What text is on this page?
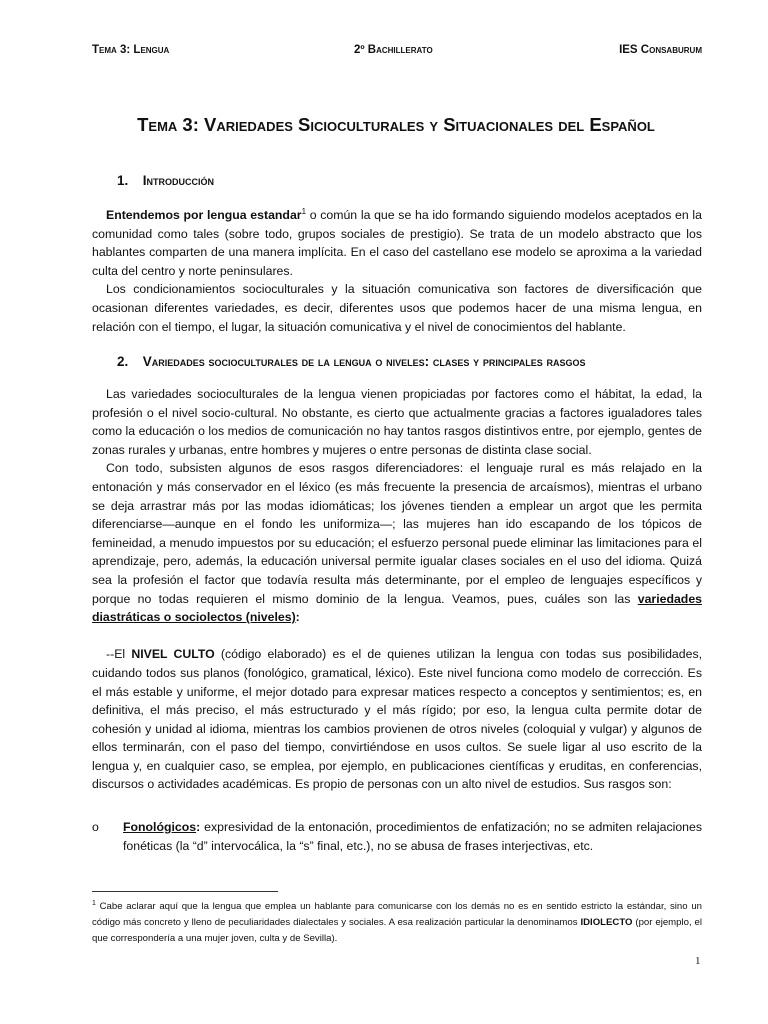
Tema 3: Lengua	2º Bachillerato	IES Consaburum
Tema 3: Variedades Sicioculturales y Situacionales del Español
1. Introducción

Entendemos por lengua estandar$^1$ o común la que se ha ido formando siguiendo modelos aceptados en la comunidad como tales (sobre todo, grupos sociales de prestigio). Se trata de un modelo abstracto que los hablantes comparten de una manera implícita. En el caso del castellano ese modelo se aproxima a la variedad culta del centro y norte peninsulares.

Los condicionamientos socioculturales y la situación comunicativa son factores de diversificación que ocasionan diferentes variedades, es decir, diferentes usos que podemos hacer de una misma lengua, en relación con el tiempo, el lugar, la situación comunicativa y el nivel de conocimientos del hablante.

2. Variedades socioculturales de la lengua o niveles: clases y principales rasgos

Las variedades socioculturales de la lengua vienen propiciadas por factores como el hábitat, la edad, la profesión o el nivel socio-cultural. No obstante, es cierto que actualmente gracias a factores igualadores tales como la educación o los medios de comunicación no hay tantos rasgos distintivos entre, por ejemplo, gentes de zonas rurales y urbanas, entre hombres y mujeres o entre personas de distinta clase social.

Con todo, subsisten algunos de esos rasgos diferenciadores: el lenguaje rural es más relajado en la entonación y más conservador en el léxico (es más frecuente la presencia de arcaísmos), mientras el urbano se deja arrastrar más por las modas idiomáticas; los jóvenes tienden a emplear un argot que les permita diferenciarse—aunque en el fondo les uniformiza—; las mujeres han ido escapando de los tópicos de femineidad, a menudo impuestos por su educación; el esfuerzo personal puede eliminar las limitaciones para el aprendizaje, pero, además, la educación universal permite igualar clases sociales en el uso del idioma. Quizá sea la profesión el factor que todavía resulta más determinante, por el empleo de lenguajes específicos y porque no todas requieren el mismo dominio de la lengua. Veamos, pues, cuáles son las variedades diastráticas o sociolectos (niveles):

--El NIVEL CULTO (código elaborado) es el de quienes utilizan la lengua con todas sus posibilidades, cuidando todos sus planos (fonológico, gramatical, léxico). Este nivel funciona como modelo de corrección. Es el más estable y uniforme, el mejor dotado para expresar matices respecto a conceptos y sentimientos; es, en definitiva, el más preciso, el más estructurado y el más rígido; por eso, la lengua culta permite dotar de cohesión y unidad al idioma, mientras los cambios provienen de otros niveles (coloquial y vulgar) y algunos de ellos terminarán, con el paso del tiempo, convirtiéndose en usos cultos. Se suele ligar al uso escrito de la lengua y, en cualquier caso, se emplea, por ejemplo, en publicaciones científicas y eruditas, en conferencias, discursos o actividades académicas. Es propio de personas con un alto nivel de estudios. Sus rasgos son:

o Fonológicos: expresividad de la entonación, procedimientos de enfatización; no se admiten relajaciones fonéticas (la “d” intervocálica, la “s” final, etc.), no se abusa de frases interjectivas, etc.
$^1$ Cabe aclarar aquí que la lengua que emplea un hablante para comunicarse con los demás no es en sentido estricto la estándar, sino un código más concreto y lleno de peculiaridades dialectales y sociales. A esa realización particular la denominamos IDIOLECTO (por ejemplo, el que correspondería a una mujer joven, culta y de Sevilla).
1
